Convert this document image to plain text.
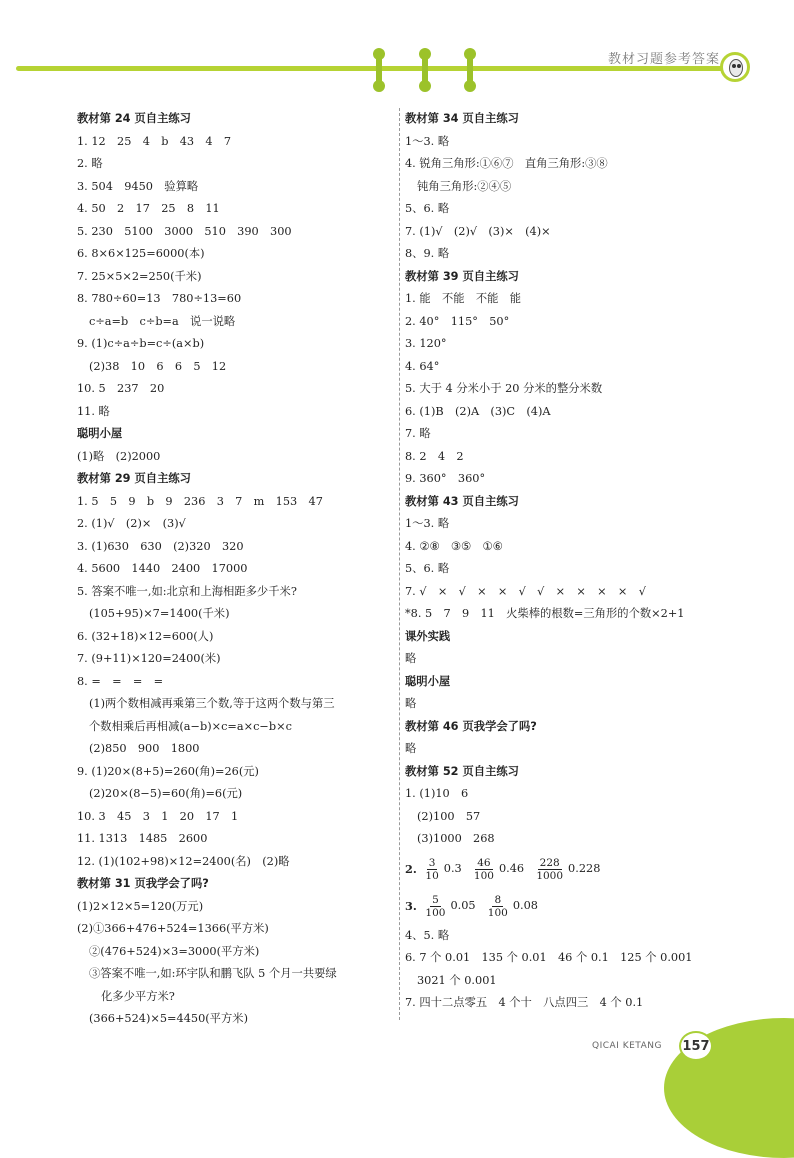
教材习题参考答案
教材第 24 页自主练习
1. 12　25　4　b　43　4　7
2. 略
3. 504　9450　验算略
4. 50　2　17　25　8　11
5. 230　5100　3000　510　390　300
6. 8×6×125=6000(本)
7. 25×5×2=250(千米)
8. 780÷60=13　780÷13=60
c÷a=b　c÷b=a　说一说略
9. (1)c÷a÷b=c÷(a×b)
(2)38　10　6　6　5　12
10. 5　237　20
11. 略
聪明小屋
(1)略　(2)2000
教材第 29 页自主练习
1. 5　5　9　b　9　236　3　7　m　153　47
2. (1)√　(2)×　(3)√
3. (1)630　630　(2)320　320
4. 5600　1440　2400　17000
5. 答案不唯一,如:北京和上海相距多少千米?
(105+95)×7=1400(千米)
6. (32+18)×12=600(人)
7. (9+11)×120=2400(米)
8. =　=　=　=
(1)两个数相减再乘第三个数,等于这两个数与第三
个数相乘后再相减(a−b)×c=a×c−b×c
(2)850　900　1800
9. (1)20×(8+5)=260(角)=26(元)
(2)20×(8−5)=60(角)=6(元)
10. 3　45　3　1　20　17　1
11. 1313　1485　2600
12. (1)(102+98)×12=2400(名)　(2)略
教材第 31 页我学会了吗?
(1)2×12×5=120(万元)
(2)①366+476+524=1366(平方米)
②(476+524)×3=3000(平方米)
③答案不唯一,如:环宇队和鹏飞队 5 个月一共要绿
化多少平方米?
(366+524)×5=4450(平方米)
教材第 34 页自主练习
1～3. 略
4. 锐角三角形:①⑥⑦　直角三角形:③⑧
钝角三角形:②④⑤
5、6. 略
7. (1)√　(2)√　(3)×　(4)×
8、9. 略
教材第 39 页自主练习
1. 能　不能　不能　能
2. 40°　115°　50°
3. 120°
4. 64°
5. 大于 4 分米小于 20 分米的整分米数
6. (1)B　(2)A　(3)C　(4)A
7. 略
8. 2　4　2
9. 360°　360°
教材第 43 页自主练习
1～3. 略
4. ②⑧　③⑤　①⑥
5、6. 略
7. √　×　√　×　×　√　√　×　×　×　×　√
*8. 5　7　9　11　火柴棒的根数=三角形的个数×2+1
课外实践
略
聪明小屋
略
教材第 46 页我学会了吗?
略
教材第 52 页自主练习
1. (1)10　6
(2)100　57
(3)1000　268
2.
$\frac{3}{10} 0.3$
$\frac{46}{100} 0.46$
$\frac{228}{1000} 0.228$
3.
$\frac{5}{100} 0.05$
$\frac{8}{100} 0.08$
4、5. 略
6. 7 个 0.01　135 个 0.01　46 个 0.1　125 个 0.001
3021 个 0.001
7. 四十二点零五　4 个十　八点四三　4 个 0.1
QICAI KETANG 157
